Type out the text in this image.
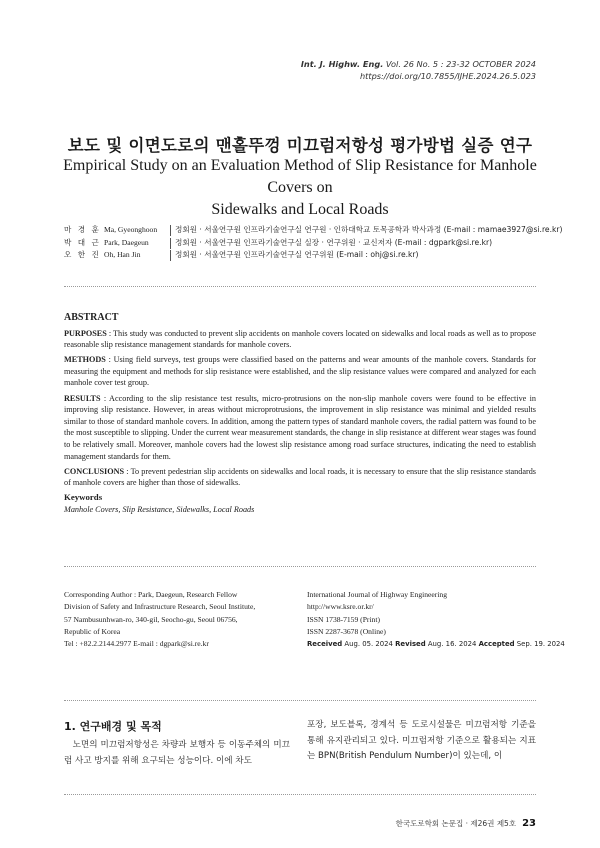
Int. J. Highw. Eng. Vol. 26 No. 5 : 23-32 OCTOBER 2024
https://doi.org/10.7855/IJHE.2024.26.5.023
보도 및 이면도로의 맨홀뚜껑 미끄럼저항성 평가방법 실증 연구
Empirical Study on an Evaluation Method of Slip Resistance for Manhole Covers on
Sidewalks and Local Roads
마 경 훈 Ma, Gyeonghoon	정회원 · 서울연구원 인프라기술연구실 연구원 · 인하대학교 토목공학과 박사과정 (E-mail : mamae3927@si.re.kr)
박 대 근 Park, Daegeun	정회원 · 서울연구원 인프라기술연구실 실장 · 연구위원 · 교신저자 (E-mail : dgpark@si.re.kr)
오 한 진 Oh, Han Jin	정회원 · 서울연구원 인프라기술연구실 연구위원 (E-mail : ohj@si.re.kr)
ABSTRACT

PURPOSES : This study was conducted to prevent slip accidents on manhole covers located on sidewalks and local roads as well as to propose reasonable slip resistance management standards for manhole covers.

METHODS : Using field surveys, test groups were classified based on the patterns and wear amounts of the manhole covers. Standards for measuring the equipment and methods for slip resistance were established, and the slip resistance values were compared and analyzed for each manhole cover test group.

RESULTS : According to the slip resistance test results, micro-protrusions on the non-slip manhole covers were found to be effective in improving slip resistance. However, in areas without microprotrusions, the improvement in slip resistance was minimal and yielded results similar to those of standard manhole covers. In addition, among the pattern types of standard manhole covers, the radial pattern was found to be the most susceptible to slipping. Under the current wear measurement standards, the change in slip resistance at different wear stages was found to be relatively small. Moreover, manhole covers had the lowest slip resistance among road surface structures, indicating the need to establish management standards for them.

CONCLUSIONS : To prevent pedestrian slip accidents on sidewalks and local roads, it is necessary to ensure that the slip resistance standards of manhole covers are higher than those of sidewalks.

Keywords
Manhole Covers, Slip Resistance, Sidewalks, Local Roads
Corresponding Author : Park, Daegeun, Research Fellow
Division of Safety and Infrastructure Research, Seoul Institute,
57 Nambusunhwan-ro, 340-gil, Seocho-gu, Seoul 06756,
Republic of Korea
Tel : +82.2.2144.2977 E-mail : dgpark@si.re.kr
International Journal of Highway Engineering
http://www.ksre.or.kr/
ISSN 1738-7159 (Print)
ISSN 2287-3678 (Online)
Received Aug. 05. 2024 Revised Aug. 16. 2024 Accepted Sep. 19. 2024
1. 연구배경 및 목적
노면의 미끄럼저항성은 차량과 보행자 등 이동주체의 미끄럼 사고 방지를 위해 요구되는 성능이다. 이에 차도
포장, 보도블록, 경계석 등 도로시설물은 미끄럼저항 기준을 통해 유지관리되고 있다. 미끄럼저항 기준으로 활용되는 지표는 BPN(British Pendulum Number)이 있는데, 이
한국도로학회 논문집 · 제26권 제5호 23
